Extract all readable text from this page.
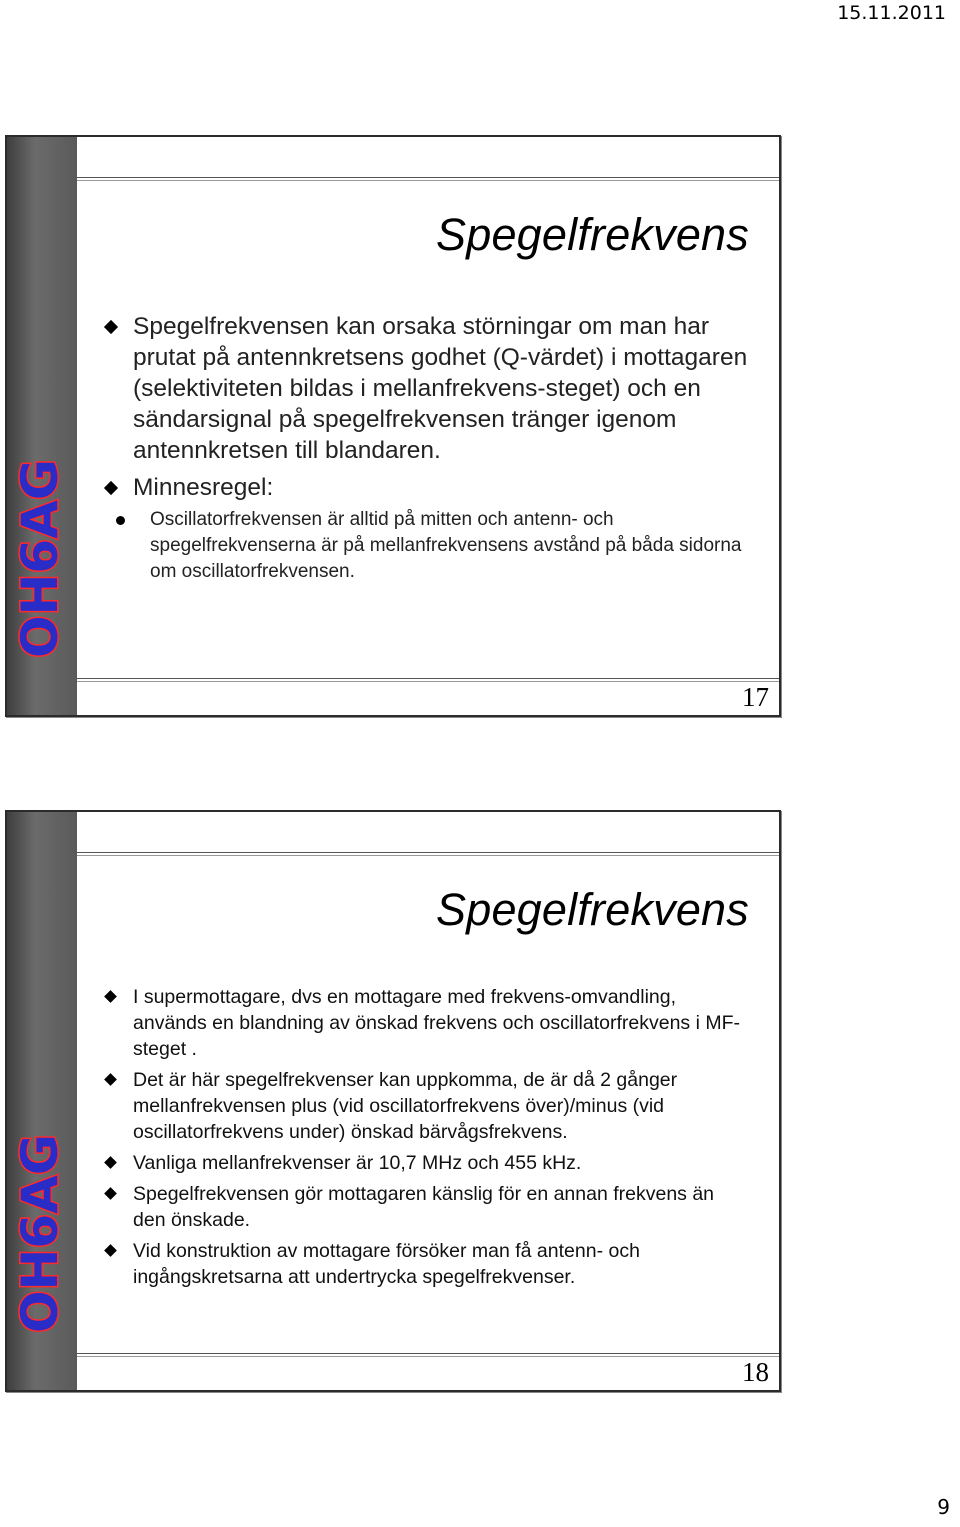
15.11.2011
OH6AG
Spegelfrekvens
Spegelfrekvensen kan orsaka störningar om man har prutat på antennkretsens godhet (Q-värdet) i mottagaren (selektiviteten bildas i mellanfrekvens-steget) och en sändarsignal på spegelfrekvensen tränger igenom antennkretsen till blandaren.
Minnesregel:
Oscillatorfrekvensen är alltid på mitten och antenn- och spegelfrekvenserna är på mellanfrekvensens avstånd på båda sidorna om oscillatorfrekvensen.
17
OH6AG
Spegelfrekvens
I supermottagare, dvs en mottagare med frekvens-omvandling, används en blandning av önskad frekvens och oscillatorfrekvens i MF-steget .
Det är här spegelfrekvenser kan uppkomma, de är då 2 gånger mellanfrekvensen plus (vid oscillatorfrekvens över)/minus (vid oscillatorfrekvens under) önskad bärvågsfrekvens.
Vanliga mellanfrekvenser är 10,7 MHz och 455 kHz.
Spegelfrekvensen gör mottagaren känslig för en annan frekvens än den önskade.
Vid konstruktion av mottagare försöker man få antenn- och ingångskretsarna att undertrycka spegelfrekvenser.
18
9
